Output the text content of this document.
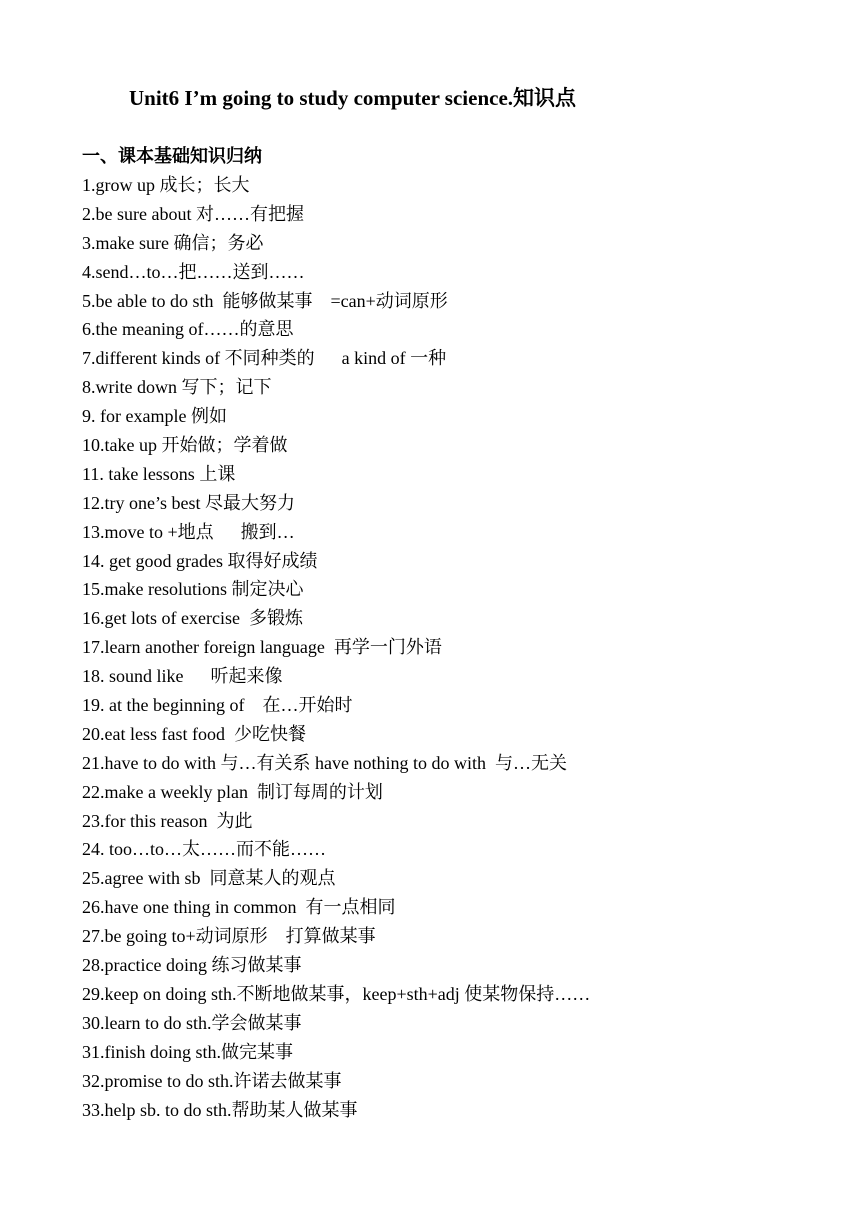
Unit6 I’m going to study computer science.知识点
一、课本基础知识归纳
1.grow up 成长；长大
2.be sure about 对……有把握
3.make sure 确信；务必
4.send…to…把……送到……
5.be able to do sth  能够做某事    =can+动词原形
6.the meaning of……的意思
7.different kinds of 不同种类的      a kind of 一种
8.write down 写下；记下
9. for example 例如
10.take up 开始做；学着做
11. take lessons 上课
12.try one’s best 尽最大努力
13.move to +地点      搬到…
14. get good grades 取得好成绩
15.make resolutions 制定决心
16.get lots of exercise  多锻炼
17.learn another foreign language  再学一门外语
18. sound like      听起来像
19. at the beginning of    在…开始时
20.eat less fast food  少吃快餐
21.have to do with 与…有关系 have nothing to do with  与…无关
22.make a weekly plan  制订每周的计划
23.for this reason  为此
24. too…to…太……而不能……
25.agree with sb  同意某人的观点
26.have one thing in common  有一点相同
27.be going to+动词原形    打算做某事
28.practice doing 练习做某事
29.keep on doing sth.不断地做某事，keep+sth+adj 使某物保持……
30.learn to do sth.学会做某事
31.finish doing sth.做完某事
32.promise to do sth.许诺去做某事
33.help sb. to do sth.帮助某人做某事
